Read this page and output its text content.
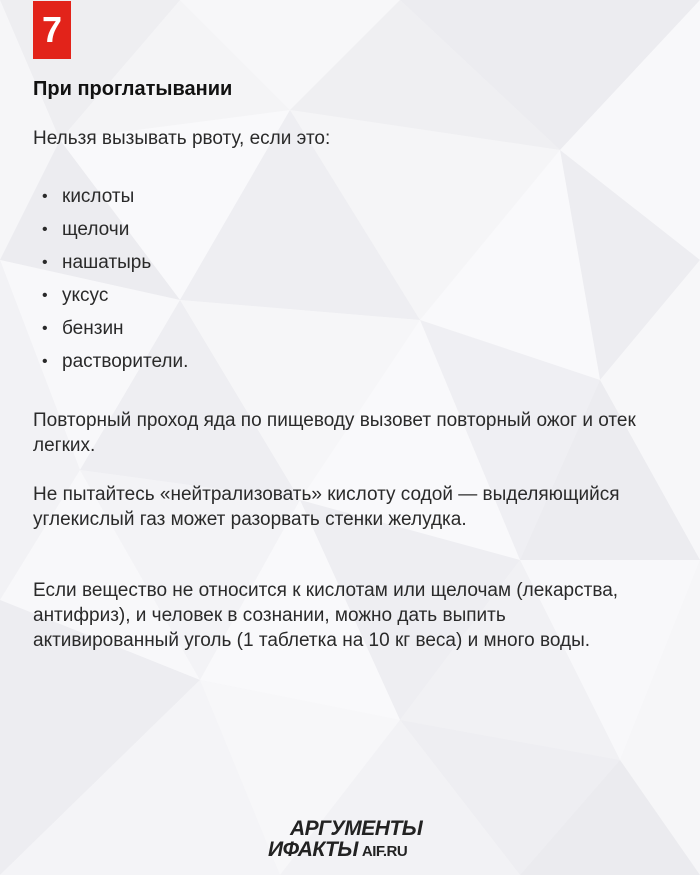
7
При проглатывании

Нельзя вызывать рвоту, если это:

• кислоты
• щелочи
• нашатырь
• уксус
• бензин
• растворители.

Повторный проход яда по пищеводу вызовет повторный ожог и отек легких.

Не пытайтесь «нейтрализовать» кислоту содой — выделяющийся углекислый газ может разорвать стенки желудка.

Если вещество не относится к кислотам или щелочам (лекарства, антифриз), и человек в сознании, можно дать выпить активированный уголь (1 таблетка на 10 кг веса) и много воды.

АРГУМЕНТЫ
ИФАКТЫ AIF.RU
